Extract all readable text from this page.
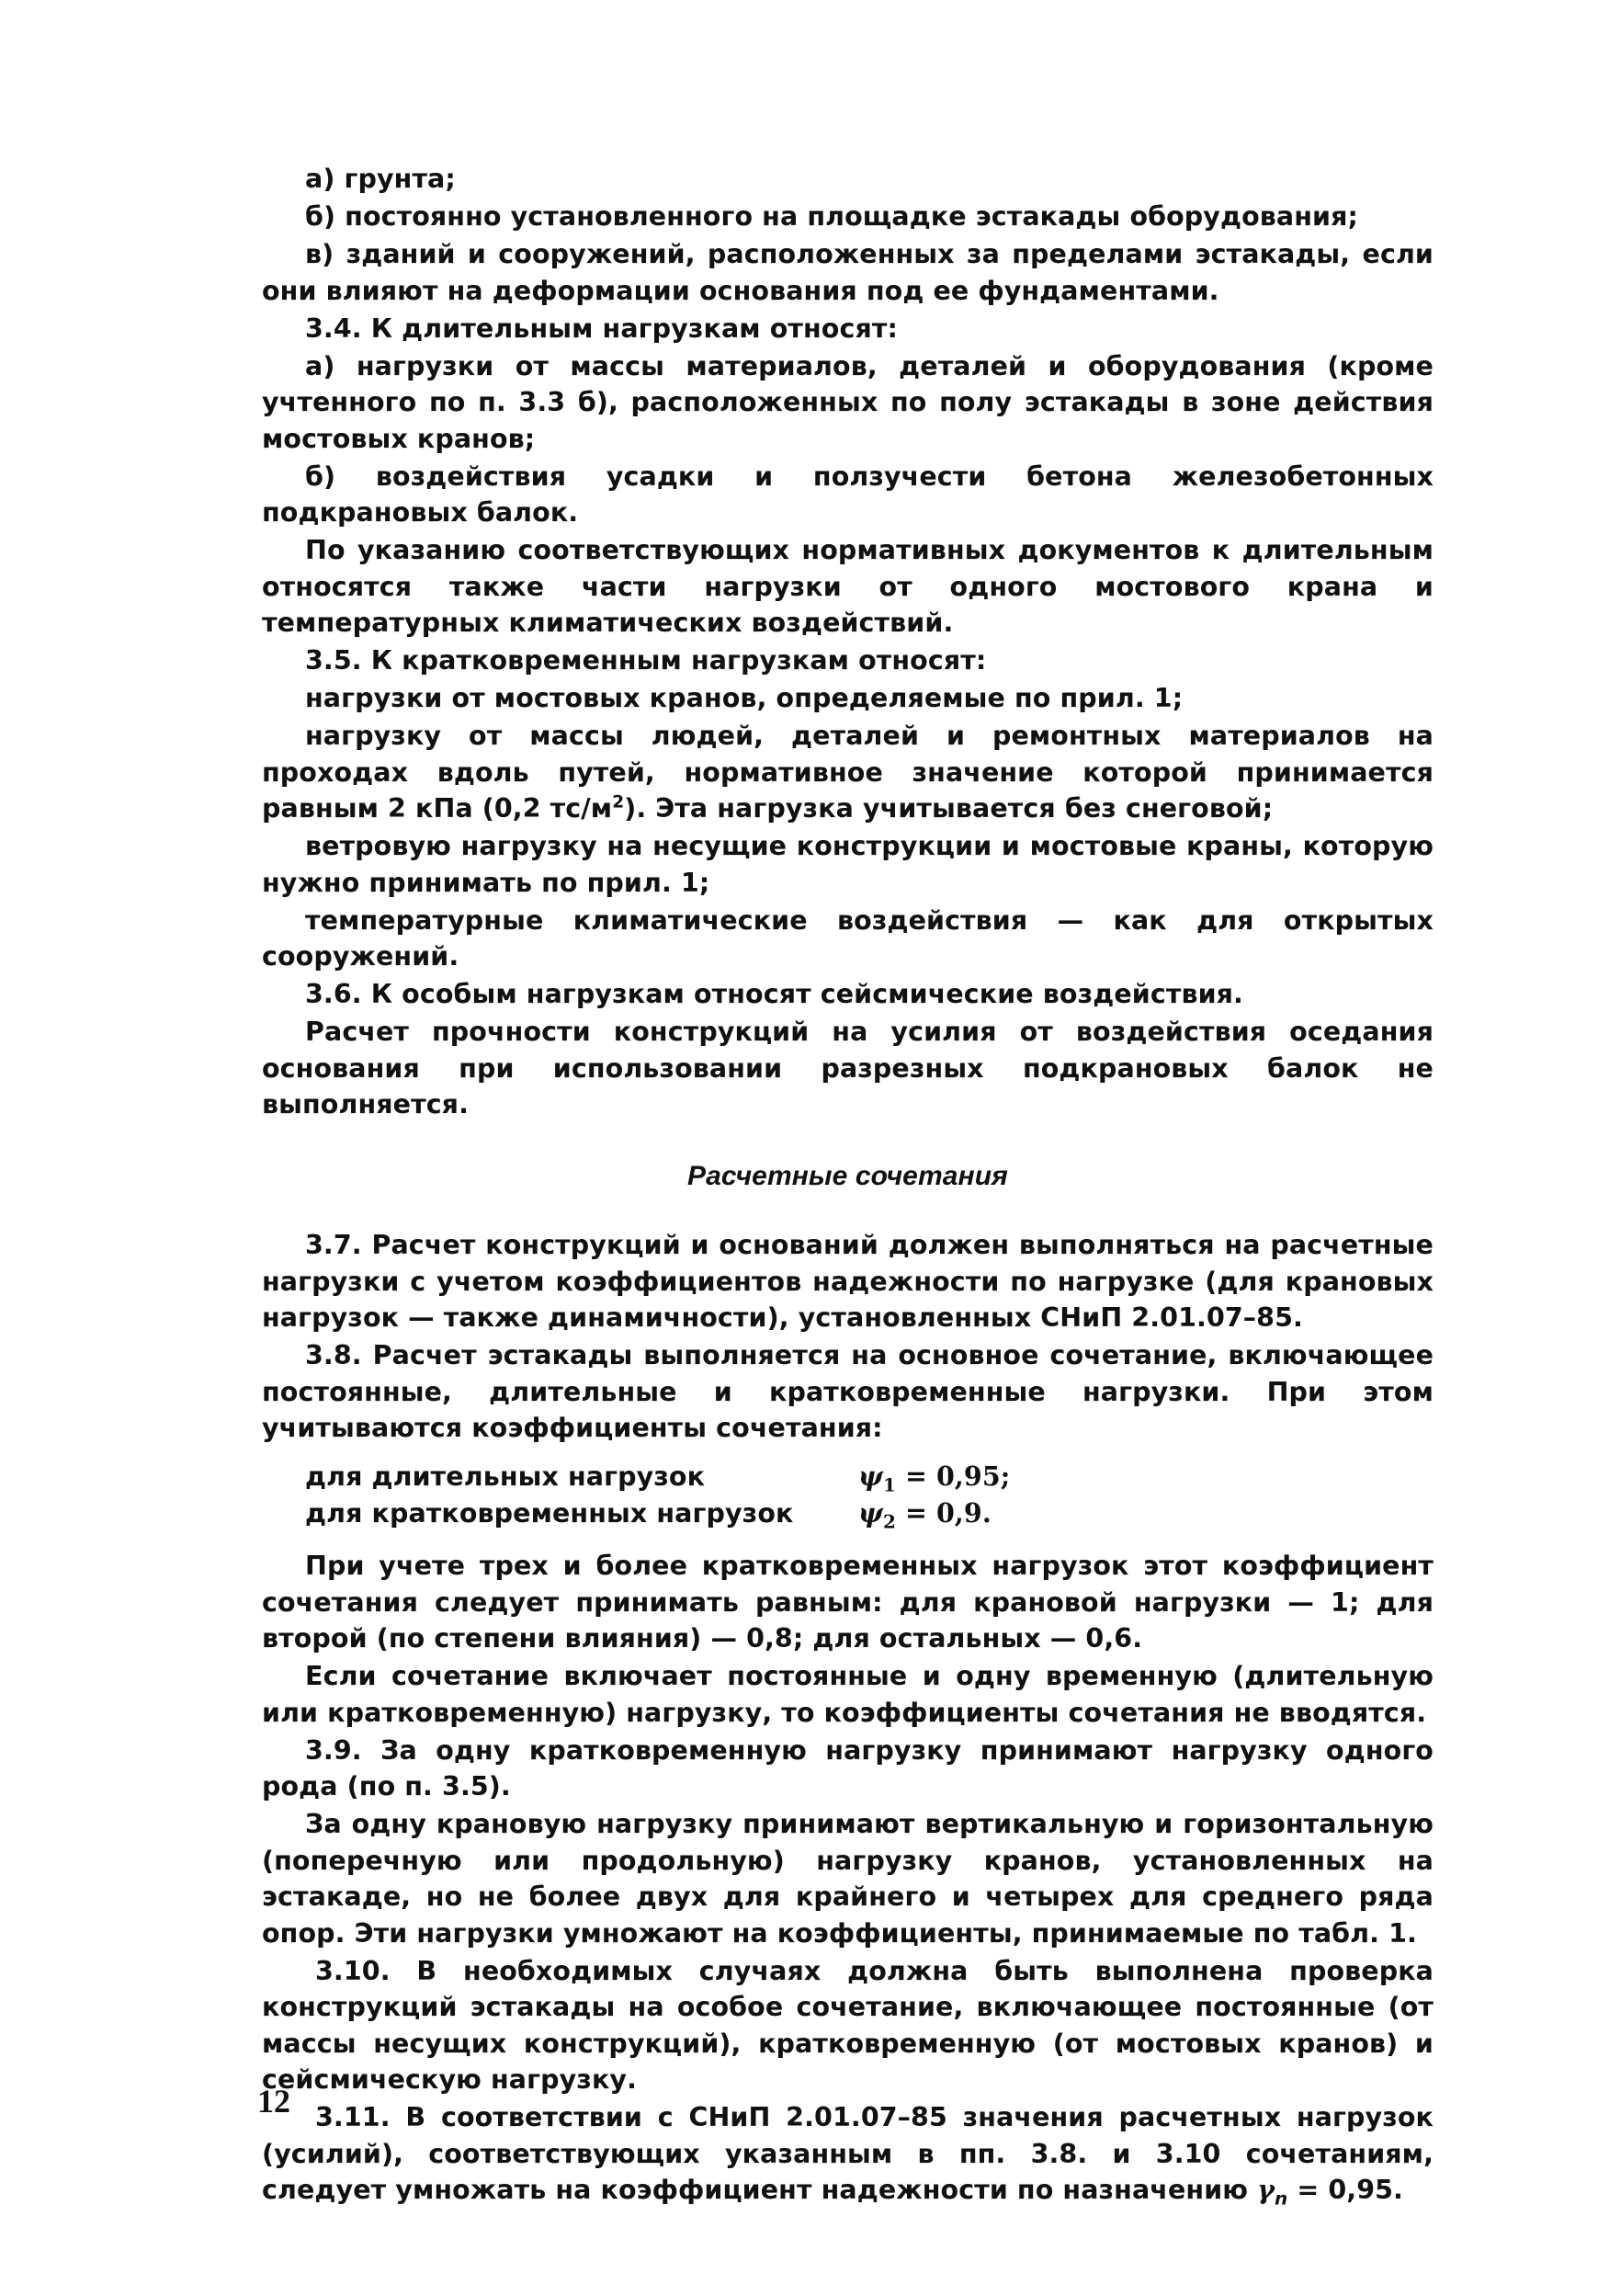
а) грунта;

б) постоянно установленного на площадке эстакады оборудования;

в) зданий и сооружений, расположенных за пределами эстакады, если они влияют на деформации основания под ее фундаментами.

3.4. К длительным нагрузкам относят:

а) нагрузки от массы материалов, деталей и оборудования (кроме учтенного по п. 3.3 б), расположенных по полу эстакады в зоне действия мостовых кранов;

б) воздействия усадки и ползучести бетона железобетонных подкрановых балок.

По указанию соответствующих нормативных документов к длительным относятся также части нагрузки от одного мостового крана и температурных климатических воздействий.

3.5. К кратковременным нагрузкам относят:

нагрузки от мостовых кранов, определяемые по прил. 1;

нагрузку от массы людей, деталей и ремонтных материалов на проходах вдоль путей, нормативное значение которой принимается равным 2 кПа (0,2 $тс/м^2$). Эта нагрузка учитывается без снеговой;

ветровую нагрузку на несущие конструкции и мостовые краны, которую нужно принимать по прил. 1;

температурные климатические воздействия — как для открытых сооружений.

3.6. К особым нагрузкам относят сейсмические воздействия.

Расчет прочности конструкций на усилия от воздействия оседания основания при использовании разрезных подкрановых балок не выполняется.

Расчетные сочетания

3.7. Расчет конструкций и оснований должен выполняться на расчетные нагрузки с учетом коэффициентов надежности по нагрузке (для крановых нагрузок — также динамичности), установленных СНиП 2.01.07–85.

3.8. Расчет эстакады выполняется на основное сочетание, включающее постоянные, длительные и кратковременные нагрузки. При этом учитываются коэффициенты сочетания:

для длительных нагрузок	$\psi_1 = 0,95$;
для кратковременных нагрузок	$\psi_2 = 0,9$.

При учете трех и более кратковременных нагрузок этот коэффициент сочетания следует принимать равным: для крановой нагрузки — 1; для второй (по степени влияния) — 0,8; для остальных — 0,6.

Если сочетание включает постоянные и одну временную (длительную или кратковременную) нагрузку, то коэффициенты сочетания не вводятся.

3.9. За одну кратковременную нагрузку принимают нагрузку одного рода (по п. 3.5).

За одну крановую нагрузку принимают вертикальную и горизонтальную (поперечную или продольную) нагрузку кранов, установленных на эстакаде, но не более двух для крайнего и четырех для среднего ряда опор. Эти нагрузки умножают на коэффициенты, принимаемые по табл. 1.

3.10. В необходимых случаях должна быть выполнена проверка конструкций эстакады на особое сочетание, включающее постоянные (от массы несущих конструкций), кратковременную (от мостовых кранов) и сейсмическую нагрузку.

3.11. В соответствии с СНиП 2.01.07–85 значения расчетных нагрузок (усилий), соответствующих указанным в пп. 3.8. и 3.10 сочетаниям, следует умножать на коэффициент надежности по назначению $\gamma_n = 0,95$.

12
